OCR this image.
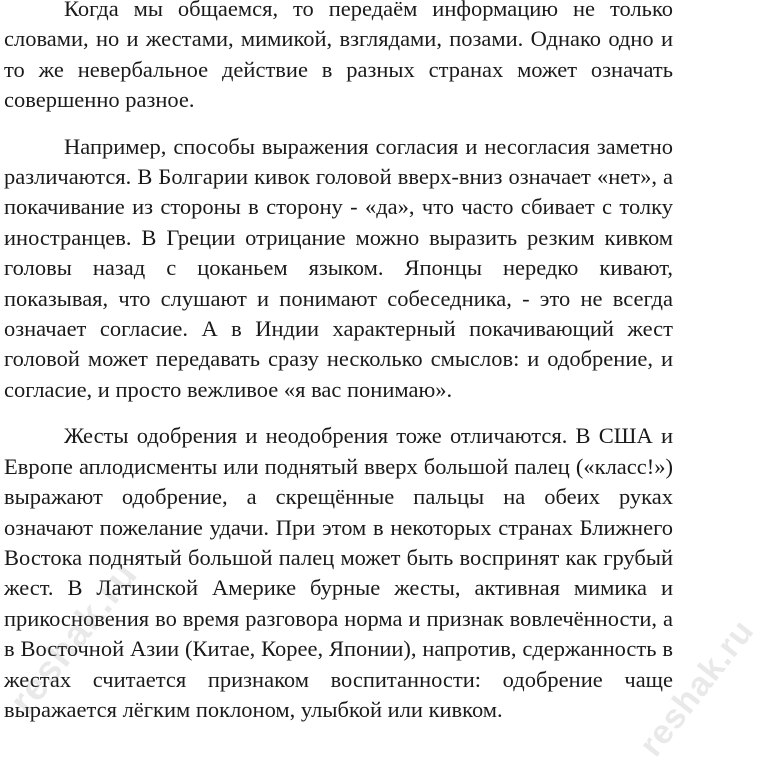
Когда мы общаемся, то передаём информацию не только словами, но и жестами, мимикой, взглядами, позами. Однако одно и то же невербальное действие в разных странах может означать совершенно разное.

Например, способы выражения согласия и несогласия заметно различаются. В Болгарии кивок головой вверх-вниз означает «нет», а покачивание из стороны в сторону - «да», что часто сбивает с толку иностранцев. В Греции отрицание можно выразить резким кивком головы назад с цоканьем языком. Японцы нередко кивают, показывая, что слушают и понимают собеседника, - это не всегда означает согласие. А в Индии характерный покачивающий жест головой может передавать сразу несколько смыслов: и одобрение, и согласие, и просто вежливое «я вас понимаю».

Жесты одобрения и неодобрения тоже отличаются. В США и Европе аплодисменты или поднятый вверх большой палец («класс!») выражают одобрение, а скрещённые пальцы на обеих руках означают пожелание удачи. При этом в некоторых странах Ближнего Востока поднятый большой палец может быть воспринят как грубый жест. В Латинской Америке бурные жесты, активная мимика и прикосновения во время разговора норма и признак вовлечённости, а в Восточной Азии (Китае, Корее, Японии), напротив, сдержанность в жестах считается признаком воспитанности: одобрение чаще выражается лёгким поклоном, улыбкой или кивком.

reshak.ru	reshak.ru
